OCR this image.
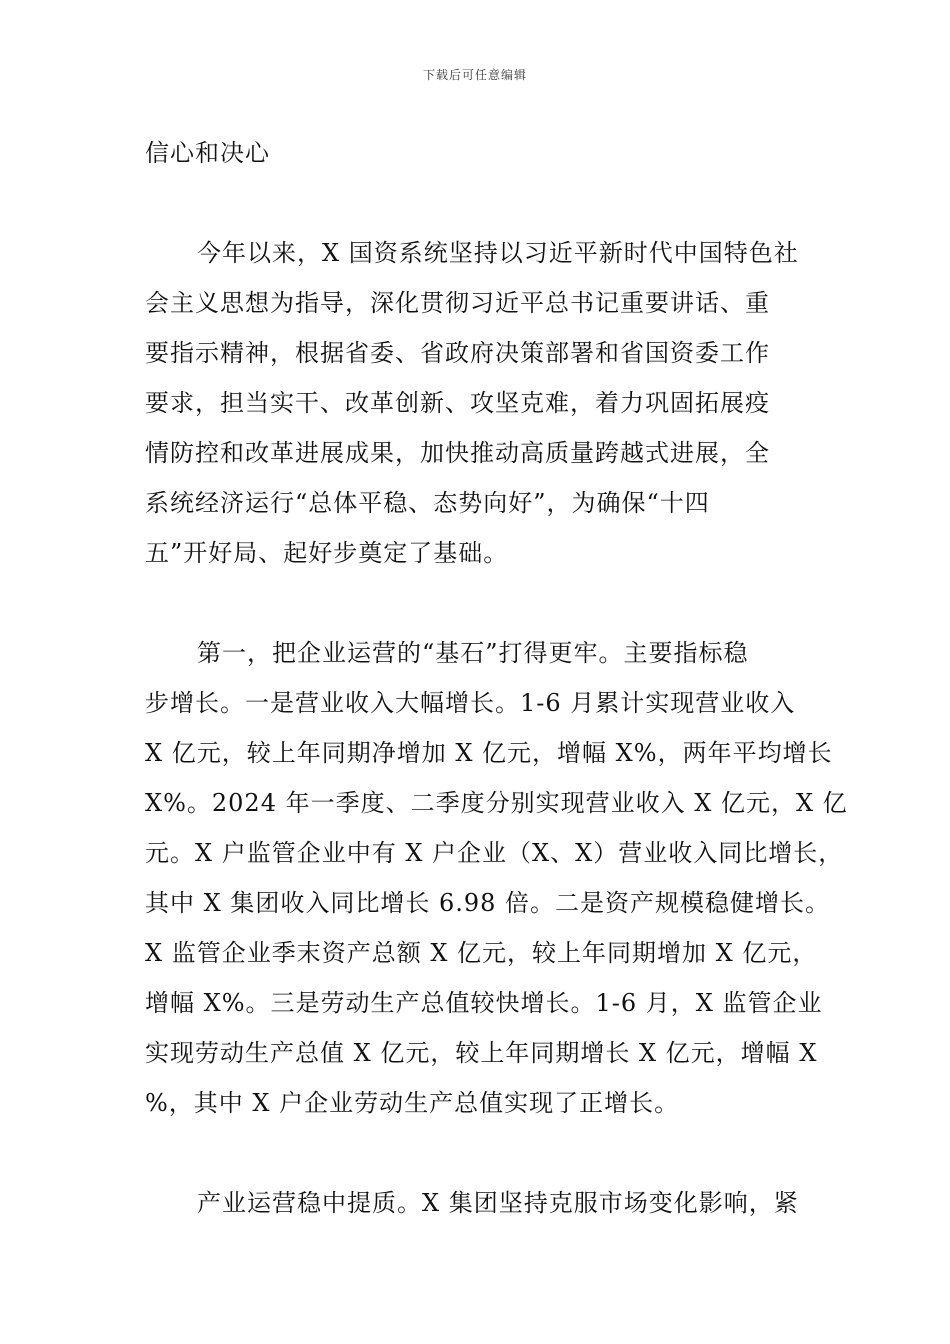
下载后可任意编辑
信心和决心
今年以来，X 国资系统坚持以习近平新时代中国特色社
会主义思想为指导，深化贯彻习近平总书记重要讲话、重
要指示精神，根据省委、省政府决策部署和省国资委工作
要求，担当实干、改革创新、攻坚克难，着力巩固拓展疫
情防控和改革进展成果，加快推动高质量跨越式进展，全
系统经济运行“总体平稳、态势向好”，为确保“十四
五”开好局、起好步奠定了基础。
第一，把企业运营的“基石”打得更牢。主要指标稳
步增长。一是营业收入大幅增长。1-6 月累计实现营业收入
X 亿元，较上年同期净增加 X 亿元，增幅 X%，两年平均增长
X%。2024 年一季度、二季度分别实现营业收入 X 亿元，X 亿
元。X 户监管企业中有 X 户企业（X、X）营业收入同比增长，
其中 X 集团收入同比增长 6.98 倍。二是资产规模稳健增长。
X 监管企业季末资产总额 X 亿元，较上年同期增加 X 亿元，
增幅 X%。三是劳动生产总值较快增长。1-6 月，X 监管企业
实现劳动生产总值 X 亿元，较上年同期增长 X 亿元，增幅 X
%，其中 X 户企业劳动生产总值实现了正增长。
产业运营稳中提质。X 集团坚持克服市场变化影响，紧
